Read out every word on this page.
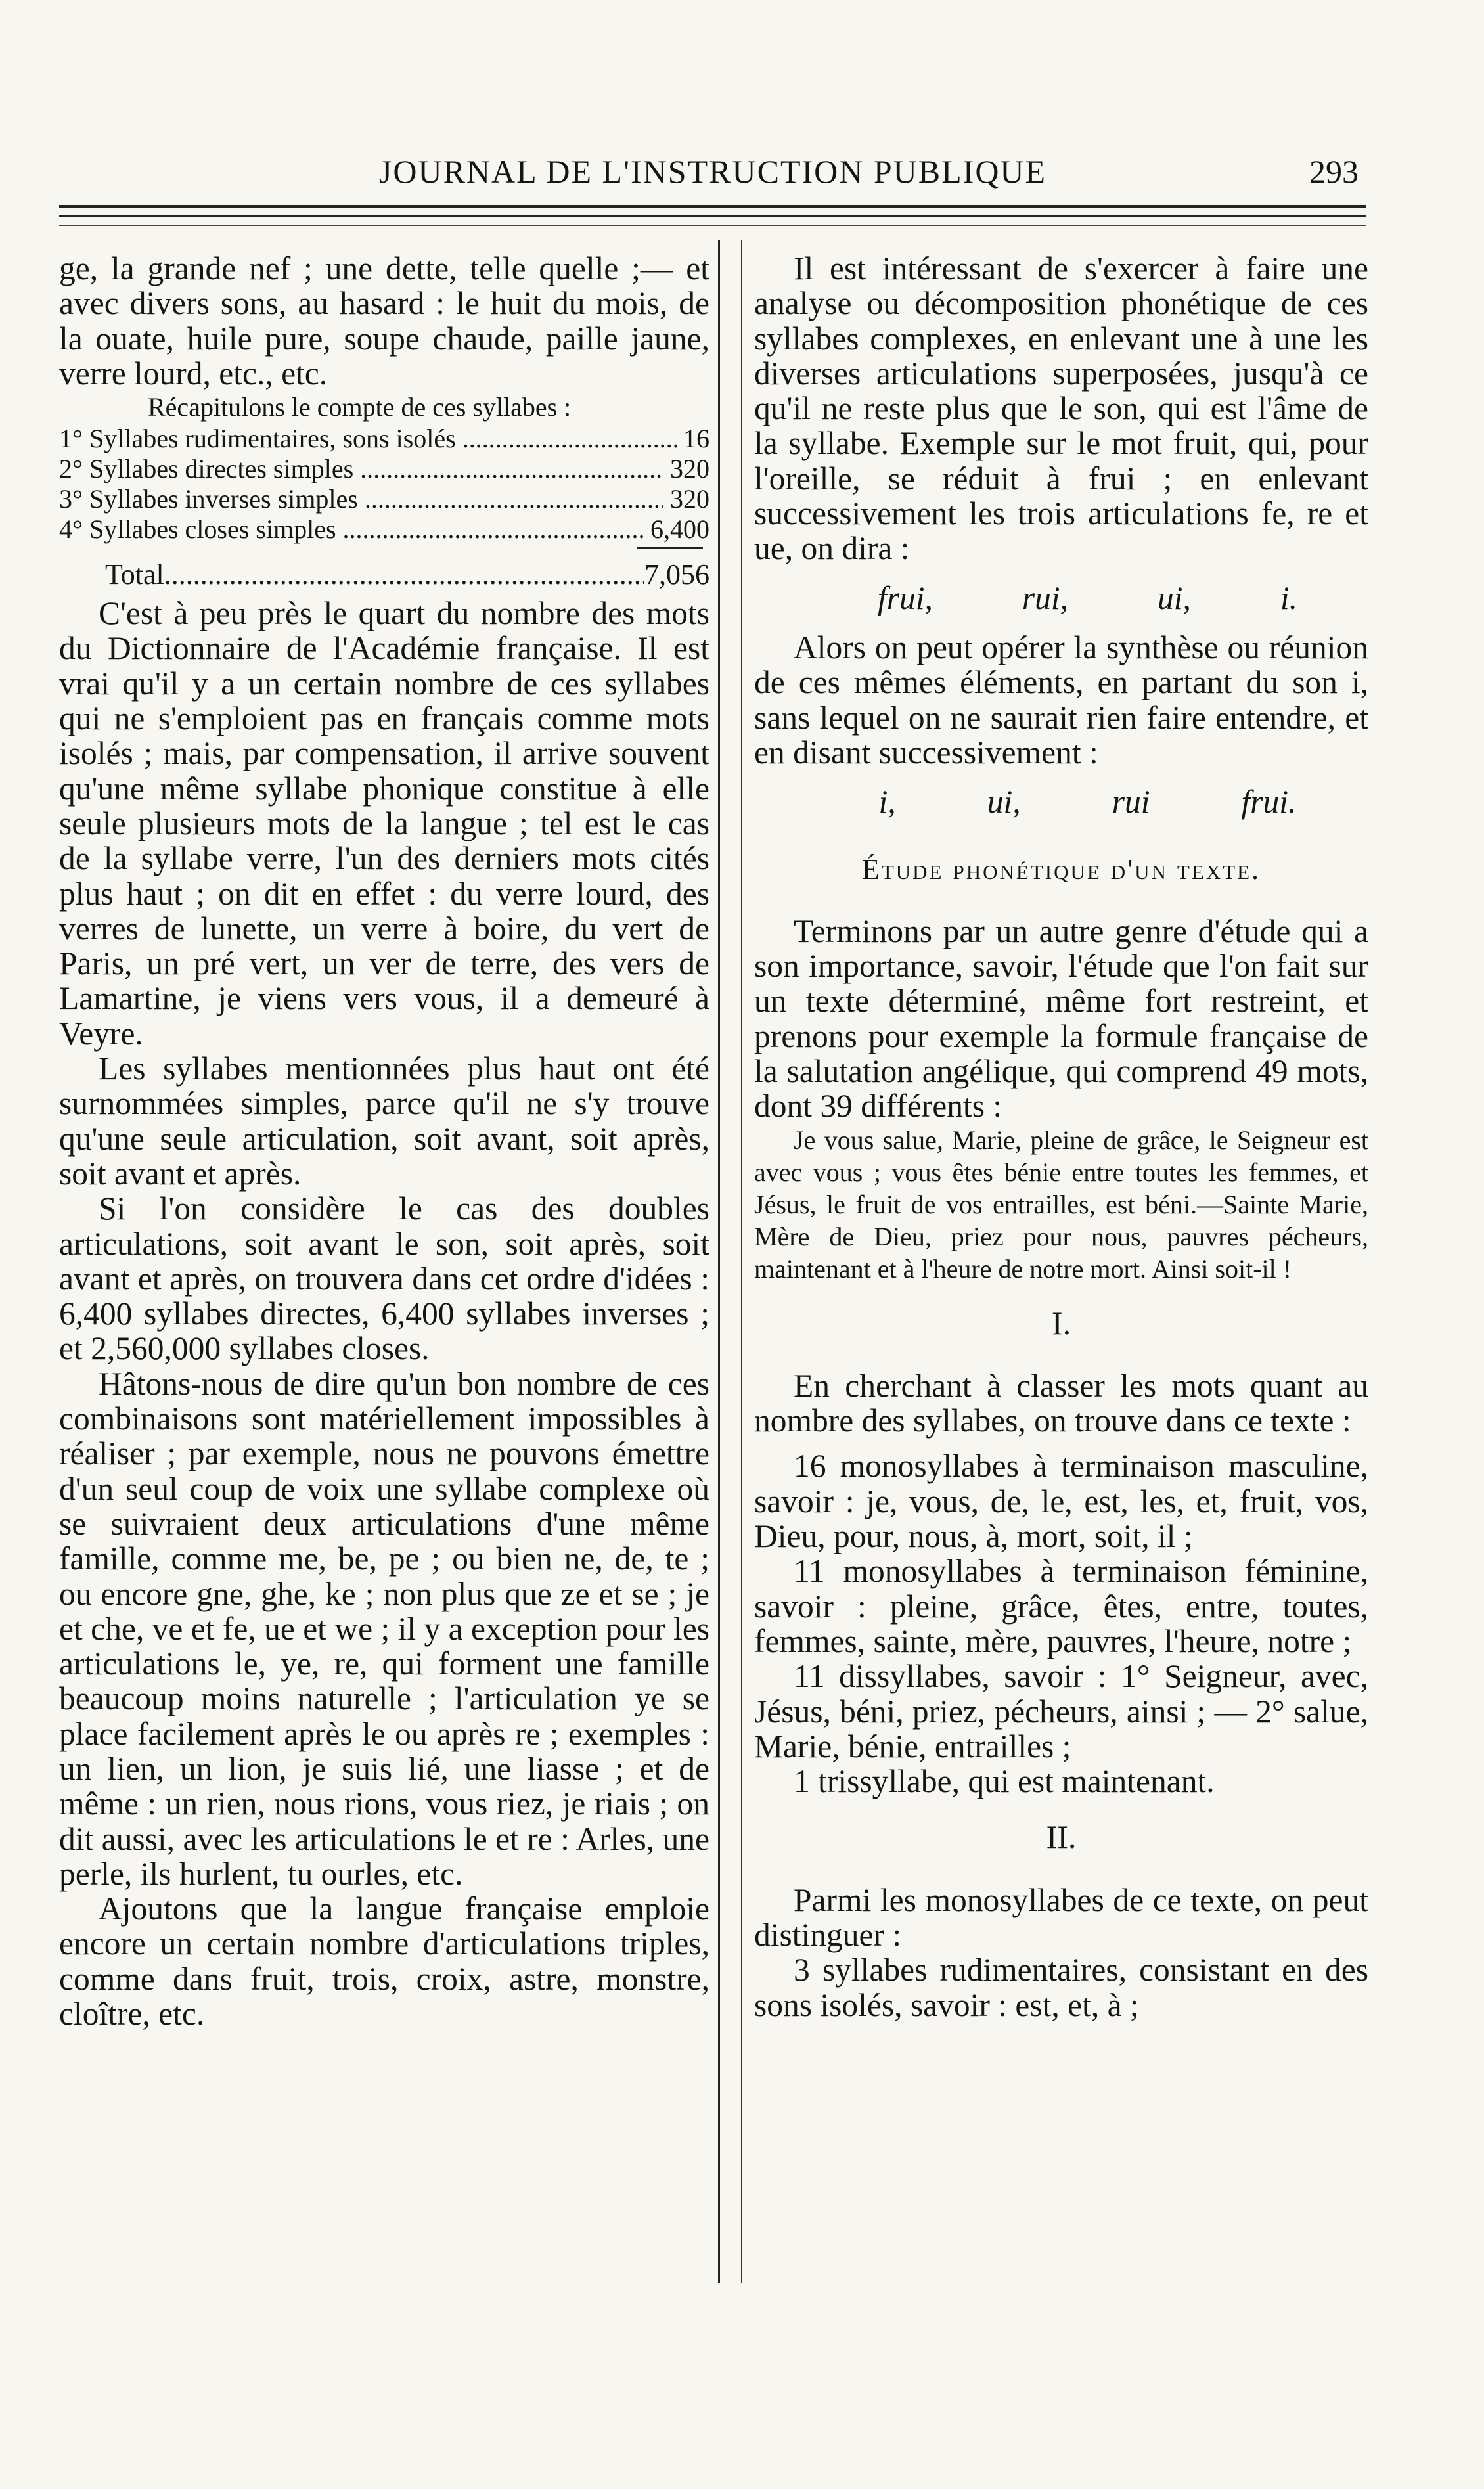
JOURNAL DE L'INSTRUCTION PUBLIQUE	293

ge, la grande nef ; une dette, telle quelle ;— et avec divers sons, au hasard : le huit du mois, de la ouate, huile pure, soupe chaude, paille jaune, verre lourd, etc., etc.

Récapitulons le compte de ces syllabes :

1° Syllabes rudimentaires, sons isolés .....	16
2° Syllabes directes simples .....	320
3° Syllabes inverses simples .....	320
4° Syllabes closes simples .....	6,400
Total .....	7,056

C'est à peu près le quart du nombre des mots du Dictionnaire de l'Académie française. Il est vrai qu'il y a un certain nombre de ces syllabes qui ne s'emploient pas en français comme mots isolés ; mais, par compensation, il arrive souvent qu'une même syllabe phonique constitue à elle seule plusieurs mots de la langue ; tel est le cas de la syllabe verre, l'un des derniers mots cités plus haut ; on dit en effet : du verre lourd, des verres de lunette, un verre à boire, du vert de Paris, un pré vert, un ver de terre, des vers de Lamartine, je viens vers vous, il a demeuré à Veyre.

Les syllabes mentionnées plus haut ont été surnommées simples, parce qu'il ne s'y trouve qu'une seule articulation, soit avant, soit après, soit avant et après.

Si l'on considère le cas des doubles articulations, soit avant le son, soit après, soit avant et après, on trouvera dans cet ordre d'idées : 6,400 syllabes directes, 6,400 syllabes inverses ; et 2,560,000 syllabes closes.

Hâtons-nous de dire qu'un bon nombre de ces combinaisons sont matériellement impossibles à réaliser ; par exemple, nous ne pouvons émettre d'un seul coup de voix une syllabe complexe où se suivraient deux articulations d'une même famille, comme me, be, pe ; ou bien ne, de, te ; ou encore gne, ghe, ke ; non plus que ze et se ; je et che, ve et fe, ue et we ; il y a exception pour les articulations le, ye, re, qui forment une famille beaucoup moins naturelle ; l'articulation ye se place facilement après le ou après re ; exemples : un lien, un lion, je suis lié, une liasse ; et de même : un rien, nous rions, vous riez, je riais ; on dit aussi, avec les articulations le et re : Arles, une perle, ils hurlent, tu ourles, etc.

Ajoutons que la langue française emploie encore un certain nombre d'articulations triples, comme dans fruit, trois, croix, astre, monstre, cloître, etc.

Il est intéressant de s'exercer à faire une analyse ou décomposition phonétique de ces syllabes complexes, en enlevant une à une les diverses articulations superposées, jusqu'à ce qu'il ne reste plus que le son, qui est l'âme de la syllabe. Exemple sur le mot fruit, qui, pour l'oreille, se réduit à frui ; en enlevant successivement les trois articulations fe, re et ue, on dira :

frui,	rui,	ui,	i.

Alors on peut opérer la synthèse ou réunion de ces mêmes éléments, en partant du son i, sans lequel on ne saurait rien faire entendre, et en disant successivement :

i,	ui,	rui	frui.
Étude phonétique d'un texte.

Terminons par un autre genre d'étude qui a son importance, savoir, l'étude que l'on fait sur un texte déterminé, même fort restreint, et prenons pour exemple la formule française de la salutation angélique, qui comprend 49 mots, dont 39 différents :

Je vous salue, Marie, pleine de grâce, le Seigneur est avec vous ; vous êtes bénie entre toutes les femmes, et Jésus, le fruit de vos entrailles, est béni.—Sainte Marie, Mère de Dieu, priez pour nous, pauvres pécheurs, maintenant et à l'heure de notre mort. Ainsi soit-il !

I.

En cherchant à classer les mots quant au nombre des syllabes, on trouve dans ce texte :

16 monosyllabes à terminaison masculine, savoir : je, vous, de, le, est, les, et, fruit, vos, Dieu, pour, nous, à, mort, soit, il ;

11 monosyllabes à terminaison féminine, savoir : pleine, grâce, êtes, entre, toutes, femmes, sainte, mère, pauvres, l'heure, notre ;

11 dissyllabes, savoir : 1° Seigneur, avec, Jésus, béni, priez, pécheurs, ainsi ; — 2° salue, Marie, bénie, entrailles ;

1 trissyllabe, qui est maintenant.

II.

Parmi les monosyllabes de ce texte, on peut distinguer :

3 syllabes rudimentaires, consistant en des sons isolés, savoir : est, et, à ;
